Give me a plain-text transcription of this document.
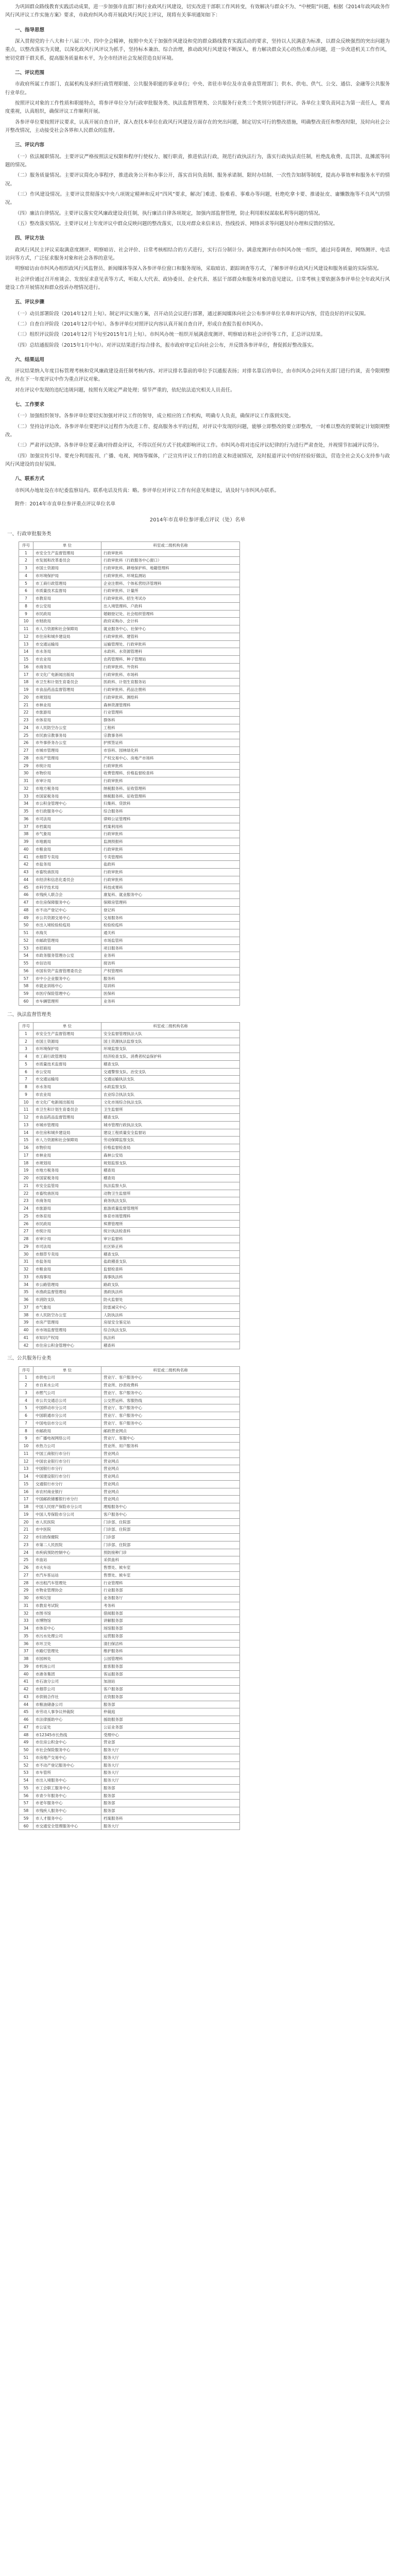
为巩固群众路线教育实践活动成果，进一步加强市直部门和行业政风行风建设，切实改进干部职工作风转变，有效解决与群众不为、“中梗阻”问题，根据《2014年政风政务作风行风评议工作实施方案》要求，市政府纠风办将开展政风行风民主评议，现将有关事项通知如下：

一、指导思想

深入贯彻党的十八大和十八届三中、四中全会精神，按照中央关于加强作风建设和党的群众路线教育实践活动的要求，坚持以人民满意为标准，以群众反映强烈的突出问题为重点，以整改落实为关键，以深化政风行风评议为抓手，坚持标本兼治、综合治理，推动政风行风建设不断深入，着力解决群众关心的热点难点问题，进一步改进机关工作作风，密切党群干群关系，提高服务质量和水平，为全市经济社会发展营造良好环境。

二、评议范围

市政府所属工作部门、直属机构及承担行政管理职能、公共服务职能的事业单位；中央、省驻市单位及市直垂直管理部门；供水、供电、供气、公交、通信、金融等公共服务行业单位。

按照评议对象的工作性质和职能特点，将参评单位分为行政审批服务类、执法监督管理类、公共服务行业类三个类别分别进行评议。各单位主要负责同志为第一责任人，要高度重视，认真组织，确保评议工作顺利开展。

各参评单位要按照评议要求，认真开展自查自评，深入查找本单位在政风行风建设方面存在的突出问题，制定切实可行的整改措施，明确整改责任和整改时限，及时向社会公开整改情况，主动接受社会各界和人民群众的监督。

三、评议内容

（一）依法履职情况。主要评议严格按照法定权限和程序行使权力、履行职责，推进依法行政，规范行政执法行为，落实行政执法责任制，杜绝乱收费、乱罚款、乱摊派等问题的情况。

（二）服务质量情况。主要评议简化办事程序，推进政务公开和办事公开，落实首问负责制、服务承诺制、限时办结制、一次性告知制等制度，提高办事效率和服务水平的情况。

（三）作风建设情况。主要评议贯彻落实中央八项规定精神和反对“四风”要求，解决门难进、脸难看、事难办等问题，杜绝吃拿卡要、推诿扯皮、庸懒散拖等不良风气的情况。

（四）廉洁自律情况。主要评议落实党风廉政建设责任制，执行廉洁自律各项规定，加强内部监督管理，防止利用职权谋取私利等问题的情况。

（五）整改落实情况。主要评议对上年度评议中群众反映问题的整改落实，以及对群众来信来访、热线投诉、网络诉求等问题及时办理和反馈的情况。

四、评议方法

政风行风民主评议采取满意度测评、明察暗访、社会评价、日常考核相结合的方式进行，实行百分制计分。满意度测评由市纠风办统一组织，通过问卷调查、网络测评、电话访问等方式，广泛征求服务对象和社会各界的意见。

明察暗访由市纠风办组织政风行风监督员、新闻媒体等深入各参评单位窗口和服务现场，采取暗访、跟踪调查等方式，了解参评单位政风行风建设和服务质量的实际情况。

社会评价通过召开座谈会、发放征求意见表等方式，听取人大代表、政协委员、企业代表、基层干部群众和服务对象的意见建议。日常考核主要依据各参评单位全年政风行风建设工作开展情况和群众投诉办理情况进行。

五、评议步骤

（一）动员部署阶段（2014年12月上旬）。制定评议实施方案，召开动员会议进行部署，通过新闻媒体向社会公布参评单位名单和评议内容，营造良好的评议氛围。

（二）自查自评阶段（2014年12月中旬）。各参评单位对照评议内容认真开展自查自评，形成自查报告报市纠风办。

（三）组织评议阶段（2014年12月下旬至2015年1月上旬）。市纠风办统一组织开展满意度测评、明察暗访和社会评价等工作，汇总评议结果。

（四）总结通报阶段（2015年1月中旬）。对评议结果进行综合排名，报市政府审定后向社会公布，并反馈各参评单位，督促抓好整改落实。

六、结果运用

评议结果纳入年度目标管理考核和党风廉政建设责任制考核内容。对评议排名靠前的单位予以通报表扬；对排名靠后的单位，由市纠风办会同有关部门进行约谈，责令限期整改，并在下一年度评议中作为重点评议对象。

对在评议中发现的违纪违规问题，按照有关规定严肃处理；情节严重的，依纪依法追究相关人员责任。

七、工作要求

（一）加强组织领导。各参评单位要切实加强对评议工作的领导，成立相应的工作机构，明确专人负责，确保评议工作落到实处。

（二）坚持边评边改。各参评单位要把评议过程作为改进工作、提高服务水平的过程，对评议中发现的问题，能够立即整改的要立即整改，一时难以整改的要制定计划限期整改。

（三）严肃评议纪律。各参评单位要正确对待群众评议，不得以任何方式干扰或影响评议工作。市纠风办将对违反评议纪律的行为进行严肃查处，并视情节扣减评议得分。

（四）加强宣传引导。要充分利用报刊、广播、电视、网络等媒体，广泛宣传评议工作的目的意义和进展情况，及时报道评议中的好经验好做法，营造全社会关心支持参与政风行风建设的良好氛围。

八、联系方式

市纠风办地址设在市纪委监察局内。联系电话及传真：略。参评单位对评议工作有何意见和建议，请及时与市纠风办联系。

附件：2014年市直单位参评重点评议单位名单

2014年市直单位参评重点评议（处）名单
一、行政审批服务类
序号	单 位	科室或二级机构名称
1	市安全生产监督管理局	行政审批科
2	市发展和改革委员会	行政审批科（行政服务中心窗口）
3	市国土资源局	行政审批科、耕地保护科、地籍管理科
4	市环境保护局	行政审批科、环境监测站
5	市工商行政管理局	企业注册科、个体私营经济管理科
6	市质量技术监督局	行政审批科、计量所
7	市教育局	行政审批科、招生考试办
8	市公安局	出入境管理科、户政科
9	市民政局	婚姻登记处、社会组织管理科
10	市财政局	政府采购办、会计科
11	市人力资源和社会保障局	就业服务中心、社保中心
12	市住房和城乡建设局	行政审批科、建管科
13	市交通运输局	运输管理处、行政审批科
14	市水务局	水政科、水资源管理科
15	市农业局	农药管理科、种子管理站
16	市商务局	行政审批科、外资科
17	市文化广电新闻出版局	行政审批科、市场科
18	市卫生和计划生育委员会	医政科、计划生育服务站
19	市食品药品监督管理局	行政审批科、药品注册科
20	市规划局	行政审批科、测绘科
21	市林业局	森林资源管理科
22	市旅游局	行业管理科
23	市体育局	群体科
24	市人民防空办公室	工程科
25	市民族宗教事务局	宗教事务科
26	市外事侨务办公室	护照签证科
27	市城市管理局	市容科、园林绿化科
28	市房产管理局	产权交易中心、房地产市场科
29	市统计局	行政审批科
30	市物价局	收费管理科、价格监督检查科
31	市审计局	行政审批科
32	市地方税务局	纳税服务科、征收管理科
33	市国家税务局	纳税服务科、征收管理科
34	市公积金管理中心	归集科、贷款科
35	市行政服务中心	综合服务科
36	市司法局	律师公证管理科
37	市档案局	档案利用科
38	市气象局	行政审批科
39	市地震局	监测预报科
40	市粮食局	行政审批科
41	市烟草专卖局	专卖管理科
42	市盐务局	盐政科
43	市畜牧兽医局	行政审批科
44	市经济和信息化委员会	行政审批科
45	市科学技术局	科技成果科
46	市残疾人联合会	康复科、就业服务中心
47	市住房保障服务中心	保障房管理科
48	市不动产登记中心	登记科
49	市公共资源交易中心	交易服务科
50	市出入境检验检疫局	检验检疫科
51	市海关	通关科
52	市邮政管理局	市场监管科
53	市招商局	项目服务科
54	市政务服务管理办公室	业务科
55	市信访局	接访科
56	市国有资产监督管理委员会	产权管理科
57	市中小企业服务中心	服务科
58	市就业训练中心	培训科
59	市医疗保险管理中心	医保科
60	市车辆管理所	业务科
二、执法监督管理类
序号	单 位	科室或二级机构名称
1	市安全生产监督管理局	安全监督管理执法大队
2	市国土资源局	国土资源执法监察支队
3	市环境保护局	环境监察支队
4	市工商行政管理局	经济检查支队、消费者权益保护科
5	市质量技术监督局	稽查支队
6	市公安局	交通警察支队、治安支队
7	市交通运输局	交通运输执法支队
8	市水务局	水政监察支队
9	市农业局	农业综合执法支队
10	市文化广电新闻出版局	文化市场综合执法支队
11	市卫生和计划生育委员会	卫生监督所
12	市食品药品监督管理局	稽查支队
13	市城市管理局	城市管理行政执法支队
14	市住房和城乡建设局	建设工程质量安全监督站
15	市人力资源和社会保障局	劳动保障监察支队
16	市物价局	价格监督检查局
17	市林业局	森林公安局
18	市规划局	规划监察支队
19	市地方税务局	稽查局
20	市国家税务局	稽查局
21	市安全监管局	执法监察大队
22	市畜牧兽医局	动物卫生监督所
23	市商务局	商务执法支队
24	市旅游局	旅游质量监督管理所
25	市体育局	体育市场管理科
26	市民政局	殡葬管理所
27	市统计局	统计执法检查科
28	市审计局	审计监督科
29	市司法局	社区矫正科
30	市烟草专卖局	稽查支队
31	市盐务局	盐政稽查支队
32	市粮食局	监督检查科
33	市海事局	海事执法科
34	市公路管理局	路政支队
35	市渔政监督管理站	渔政执法科
36	市消防支队	防火监督处
37	市气象局	防雷减灾中心
38	市人民防空办公室	人防执法科
39	市房产管理局	房屋安全鉴定站
40	市市场监督管理局	综合执法支队
41	市知识产权局	执法科
42	市住房公积金管理中心	稽查科
三、公共服务行业类
序号	单 位	科室或二级机构名称
1	市供电公司	营业厅、客户服务中心
2	市自来水公司	营业所、抄表收费科
3	市燃气公司	营业厅、客户服务中心
4	市公共交通总公司	公交营运科、客服热线
5	中国移动市分公司	营业厅、客户服务中心
6	中国联通市分公司	营业厅、客户服务中心
7	中国电信市分公司	营业厅、客户服务中心
8	市邮政局	邮政营业网点
9	市广播电视网络公司	营业厅、客服中心
10	市热力公司	营业所、用户服务科
11	中国工商银行市分行	营业网点
12	中国农业银行市分行	营业网点
13	中国银行市分行	营业网点
14	中国建设银行市分行	营业网点
15	交通银行市分行	营业网点
16	市农村商业银行	营业网点
17	中国邮政储蓄银行市分行	营业网点
18	中国人民财产保险市分公司	理赔服务中心
19	中国人寿保险市分公司	客户服务中心
20	市人民医院	门诊部、住院部
21	市中医院	门诊部、住院部
22	市妇幼保健院	门诊部
23	市第二人民医院	门诊部、住院部
24	市疾病预防控制中心	预防接种门诊
25	市血站	采供血科
26	市火车站	售票处、候车室
27	市汽车客运站	售票处、候车室
28	市出租汽车管理处	行业管理科
29	市物业管理协会	行业服务部
30	市殡仪馆	业务服务厅
31	市教育考试院	考务科
32	市图书馆	借阅服务部
33	市博物馆	讲解服务部
34	市体育中心	场馆服务部
35	市污水处理公司	运营服务部
36	市环卫处	清扫保洁科
37	市路灯管理处	维护服务科
38	市园林处	公园管理科
39	市机场公司	旅客服务部
40	市港务集团	客运服务部
41	市石油分公司	加油站
42	市烟草公司	客户服务部
43	市供销合作社	农资服务部
44	市粮油储备公司	服务部
45	市劳动人事争议仲裁院	仲裁庭
46	市法律援助中心	援助服务部
47	市公证处	公证业务部
48	市12345市长热线	受理中心
49	市住房公积金中心	营业部
50	市社会保险服务中心	服务大厅
51	市房地产交易中心	服务大厅
52	市不动产登记服务中心	服务大厅
53	市车管所	服务大厅
54	市出入境服务中心	服务大厅
55	市工会职工服务中心	服务部
56	市青少年服务中心	服务部
57	市老年服务中心	服务部
58	市残疾人服务中心	服务部
59	市人才服务中心	档案服务科
60	市交通安全管理服务中心	服务大厅
